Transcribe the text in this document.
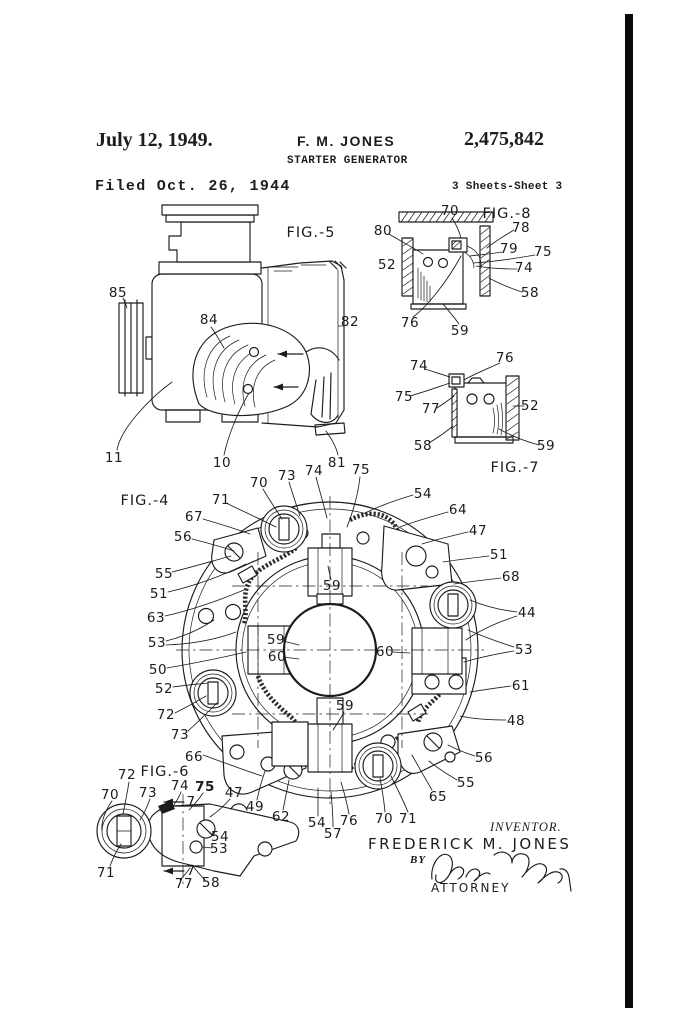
July 12, 1949.	F. M. JONES	2,475,842
STARTER GENERATOR
Filed Oct. 26, 1944	3 Sheets-Sheet 3
FIG.-5
85
84	82
11	10	81
FIG.-8
70
80	78
79 75
52	74
58
76 59
FIG.-7
74	76
75
77	52
58	59
FIG.-4
70 73 74 75
71
67
56
54
64
47
51
68
44
55
51
63
53
50
52
72
73
66
59
59
60	60
59
53
61
48
56
55
65
49
62 54
57
76 70 71
FIG.-6
72
73 74 75 47
70	7
54
53
71	7
77 58
INVENTOR.
FREDERICK M. JONES
BY
ATTORNEY
